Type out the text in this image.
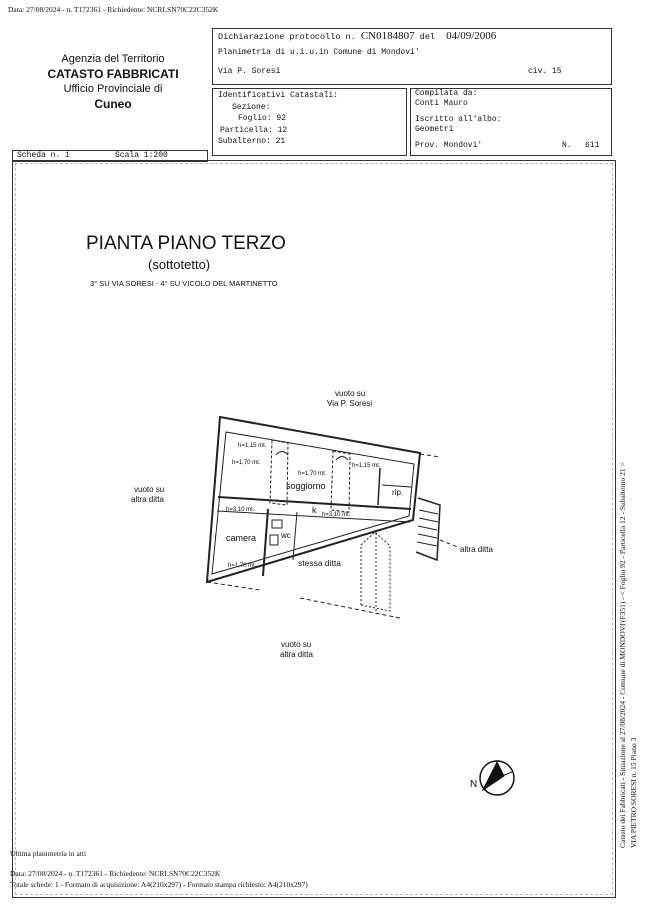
Data: 27/08/2024 - n. T172361 - Richiedente: NCRLSN70C22C352K
Agenzia del Territorio
CATASTO FABBRICATI
Ufficio Provinciale di
Cuneo
Dichiarazione protocollo n. CN0184807 del 04/09/2006
Planimetria di u.i.u.in Comune di Mondovi'
Via P. Soresi	civ. 15
Identificativi Catastali:
Sezione:
Foglio: 92
Particella: 12
Subalterno: 21
Compilata da:
Conti Mauro
Iscritto all'albo:
Geometri
Prov. Mondovi'	N. 611
Scheda n. 1	Scala 1:200
PIANTA PIANO TERZO
(sottotetto)
3° SU VIA SORESI - 4° SU VICOLO DEL MARTINETTO
vuoto su
Via P. Soresi
vuoto su
altra ditta
vuoto su
altra ditta
altra ditta
stessa ditta
soggiorno
camera	wc
rip.
k
h=1,15 mt.
h=1,70 mt.
h=1,70 mt.
h=1,15 mt.
h=3,10 mt.
h=3,10 mt.
h=1,70 mt.
N	Catasto dei Fabbricati - Situazione al 27/08/2024 - Comune di MONDOVI'(F351) - < Foglio 92 - Particella 12 - Subalterno 21 > VIA PIETRO SORESI n. 15 Piano 3
Ultima planimetria in atti
Data: 27/08/2024 - n. T172361 - Richiedente: NCRLSN70C22C352K
Totale schede: 1 - Formato di acquisizione: A4(210x297) - Formato stampa richiesto: A4(210x297)
